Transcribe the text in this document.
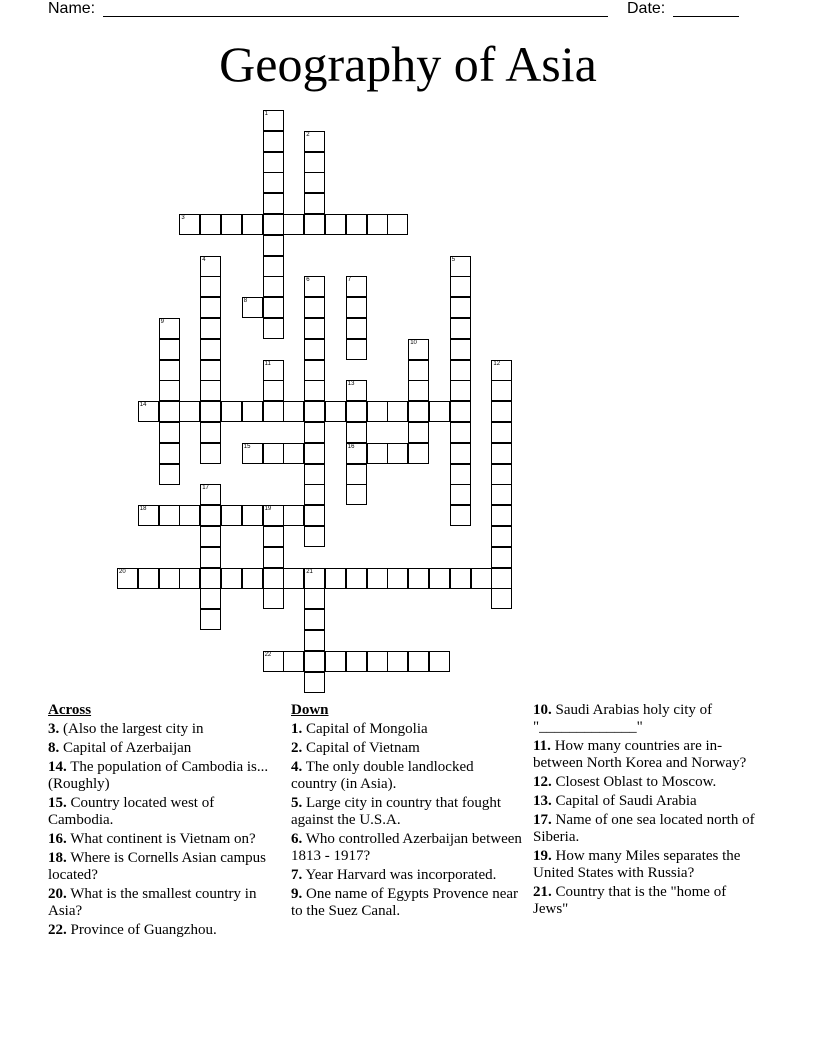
Name:	Date:
Geography of Asia
1
2
3
4	5
6	7
8
9
10
11	12
13
16
14
15
17
18	19
20	21
22
Across
3. (Also the largest city in
8. Capital of Azerbaijan
14. The population of Cambodia is... (Roughly)
15. Country located west of Cambodia.
16. What continent is Vietnam on?
18. Where is Cornells Asian campus located?
20. What is the smallest country in Asia?
22. Province of Guangzhou.
Down
1. Capital of Mongolia
2. Capital of Vietnam
4. The only double landlocked country (in Asia).
5. Large city in country that fought against the U.S.A.
6. Who controlled Azerbaijan between 1813 - 1917?
7. Year Harvard was incorporated.
9. One name of Egypts Provence near to the Suez Canal.
10. Saudi Arabias holy city of "_____________"
11. How many countries are in-between North Korea and Norway?
12. Closest Oblast to Moscow.
13. Capital of Saudi Arabia
17. Name of one sea located north of Siberia.
19. How many Miles separates the United States with Russia?
21. Country that is the "home of Jews"
